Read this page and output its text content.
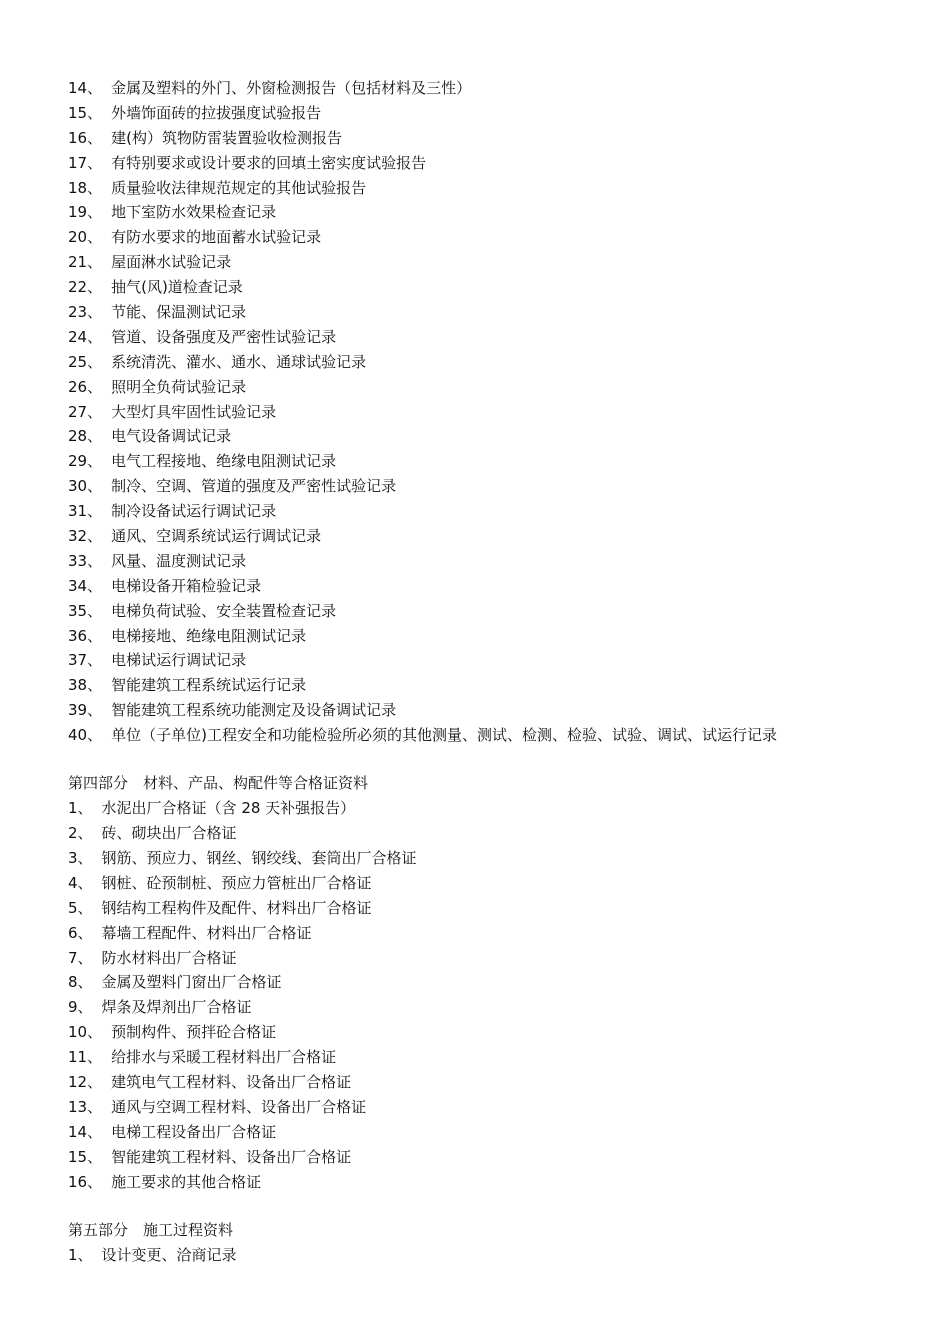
14、 金属及塑料的外门、外窗检测报告（包括材料及三性）
15、 外墙饰面砖的拉拔强度试验报告
16、 建(构）筑物防雷装置验收检测报告
17、 有特别要求或设计要求的回填土密实度试验报告
18、 质量验收法律规范规定的其他试验报告
19、 地下室防水效果检查记录
20、 有防水要求的地面蓄水试验记录
21、 屋面淋水试验记录
22、 抽气(风)道检查记录
23、 节能、保温测试记录
24、 管道、设备强度及严密性试验记录
25、 系统清洗、灌水、通水、通球试验记录
26、 照明全负荷试验记录
27、 大型灯具牢固性试验记录
28、 电气设备调试记录
29、 电气工程接地、绝缘电阻测试记录
30、 制冷、空调、管道的强度及严密性试验记录
31、 制冷设备试运行调试记录
32、 通风、空调系统试运行调试记录
33、 风量、温度测试记录
34、 电梯设备开箱检验记录
35、 电梯负荷试验、安全装置检查记录
36、 电梯接地、绝缘电阻测试记录
37、 电梯试运行调试记录
38、 智能建筑工程系统试运行记录
39、 智能建筑工程系统功能测定及设备调试记录
40、 单位（子单位)工程安全和功能检验所必须的其他测量、测试、检测、检验、试验、调试、试运行记录
第四部分　材料、产品、构配件等合格证资料
1、 水泥出厂合格证（含 28 天补强报告）
2、 砖、砌块出厂合格证
3、 钢筋、预应力、钢丝、钢绞线、套筒出厂合格证
4、 钢桩、砼预制桩、预应力管桩出厂合格证
5、 钢结构工程构件及配件、材料出厂合格证
6、 幕墙工程配件、材料出厂合格证
7、 防水材料出厂合格证
8、 金属及塑料门窗出厂合格证
9、 焊条及焊剂出厂合格证
10、 预制构件、预拌砼合格证
11、 给排水与采暖工程材料出厂合格证
12、 建筑电气工程材料、设备出厂合格证
13、 通风与空调工程材料、设备出厂合格证
14、 电梯工程设备出厂合格证
15、 智能建筑工程材料、设备出厂合格证
16、 施工要求的其他合格证
第五部分　施工过程资料
1、 设计变更、洽商记录
